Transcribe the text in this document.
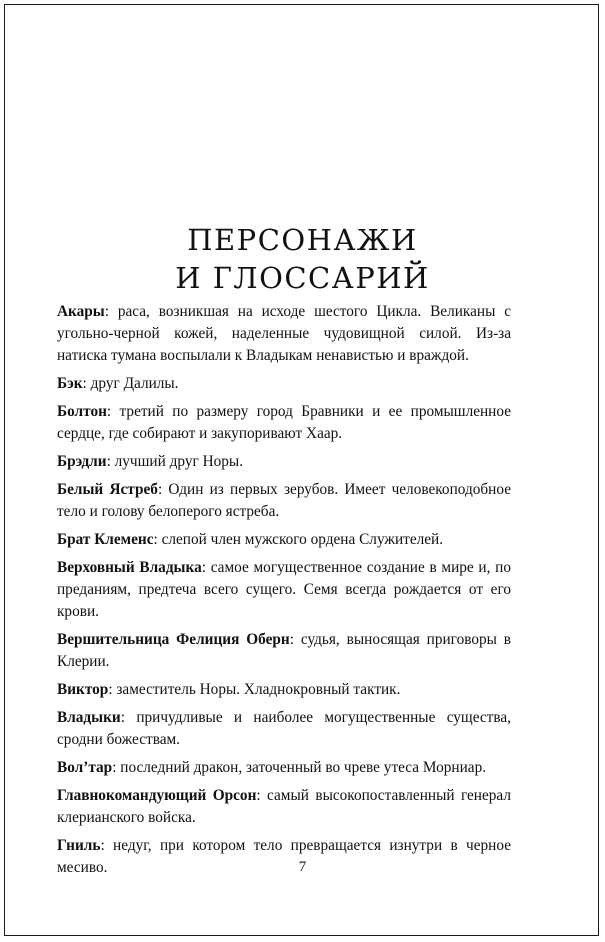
ПЕРСОНАЖИ
И ГЛОССАРИЙ

Акары: раса, возникшая на исходе шестого Цикла. Великаны с угольно-черной кожей, наделенные чудовищной силой. Из-за натиска тумана воспылали к Владыкам ненавистью и враждой.

Бэк: друг Далилы.

Болтон: третий по размеру город Бравники и ее промышленное сердце, где собирают и закупоривают Хаар.

Брэдли: лучший друг Норы.

Белый Ястреб: Один из первых зерубов. Имеет человекоподобное тело и голову белоперого ястреба.

Брат Клеменс: слепой член мужского ордена Служителей.

Верховный Владыка: самое могущественное создание в мире и, по преданиям, предтеча всего сущего. Семя всегда рождается от его крови.

Вершительница Фелиция Оберн: судья, выносящая приговоры в Клерии.

Виктор: заместитель Норы. Хладнокровный тактик.

Владыки: причудливые и наиболее могущественные существа, сродни божествам.

Вол’тар: последний дракон, заточенный во чреве утеса Морниар.

Главнокомандующий Орсон: самый высокопоставленный генерал клерианского войска.

Гниль: недуг, при котором тело превращается изнутри в черное месиво.	7
